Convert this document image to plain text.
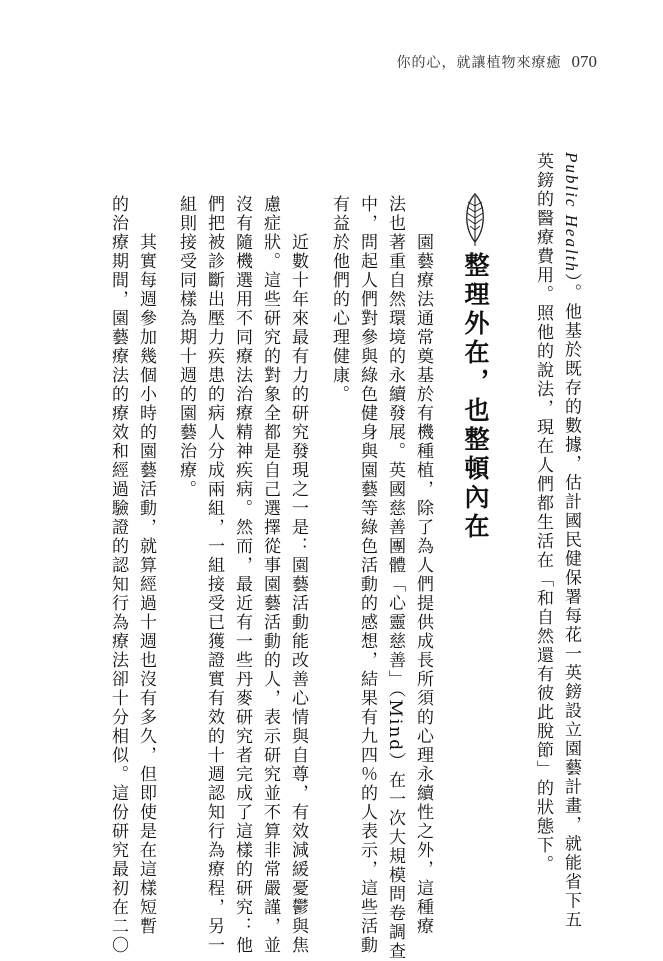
你的心，就讓植物來療癒 070
Public Health）。他基於既存的數據，估計國民健保署每花一英鎊設立園藝計畫，就能省下五
英鎊的醫療費用。照他的說法，現在人們都生活在「和自然還有彼此脫節」的狀態下。
整理外在，也整頓內在
　　園藝療法通常奠基於有機種植，除了為人們提供成長所須的心理永續性之外，這種療
法也著重自然環境的永續發展。英國慈善團體「心靈慈善」（Mind）在一次大規模問卷調查
中，問起人們對參與綠色健身與園藝等綠色活動的感想，結果有九四％的人表示，這些活動
有益於他們的心理健康。
　　近數十年來最有力的研究發現之一是：園藝活動能改善心情與自尊，有效減緩憂鬱與焦
慮症狀。這些研究的對象全都是自己選擇從事園藝活動的人，表示研究並不算非常嚴謹，並
沒有隨機選用不同療法治療精神疾病。然而，最近有一些丹麥研究者完成了這樣的研究：他
們把被診斷出壓力疾患的病人分成兩組，一組接受已獲證實有效的十週認知行為療程，另一
組則接受同樣為期十週的園藝治療。
　　其實每週參加幾個小時的園藝活動，就算經過十週也沒有多久，但即使是在這樣短暫
的治療期間，園藝療法的療效和經過驗證的認知行為療法卻十分相似。這份研究最初在二〇
